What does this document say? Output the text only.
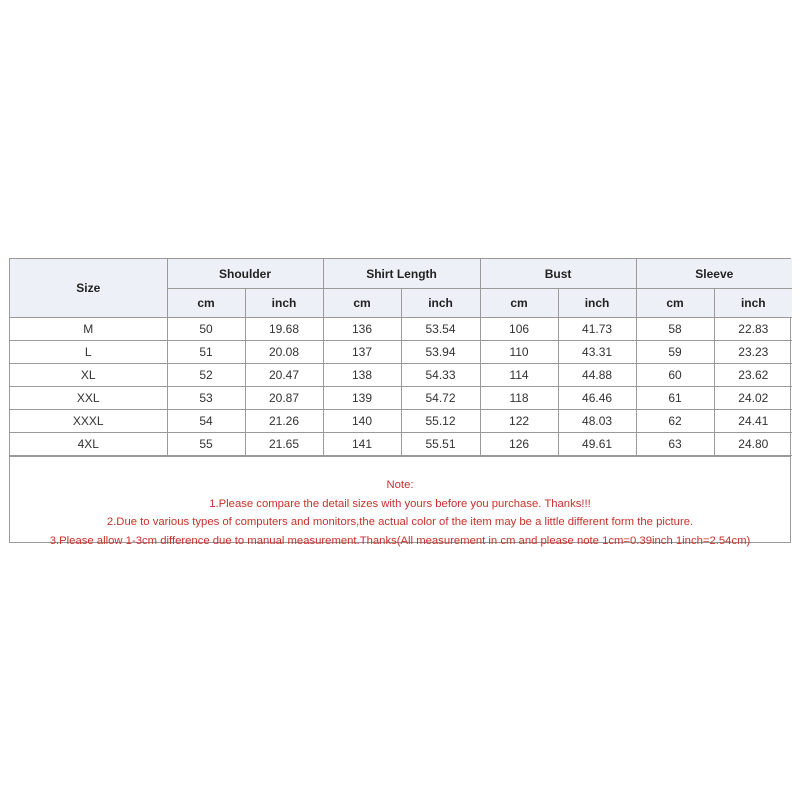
Size	Shoulder		Shirt Length		Bust		Sleeve	
	cm	inch	cm	inch	cm	inch	cm	inch
M	50	19.68	136	53.54	106	41.73	58	22.83
L	51	20.08	137	53.94	110	43.31	59	23.23
XL	52	20.47	138	54.33	114	44.88	60	23.62
XXL	53	20.87	139	54.72	118	46.46	61	24.02
XXXL	54	21.26	140	55.12	122	48.03	62	24.41
4XL	55	21.65	141	55.51	126	49.61	63	24.80
Note:
1.Please compare the detail sizes with yours before you purchase. Thanks!!!
2.Due to various types of computers and monitors,the actual color of the item may be a little different form the picture.
3.Please allow 1-3cm difference due to manual measurement.Thanks(All measurement in cm and please note 1cm=0.39inch 1inch=2.54cm)
